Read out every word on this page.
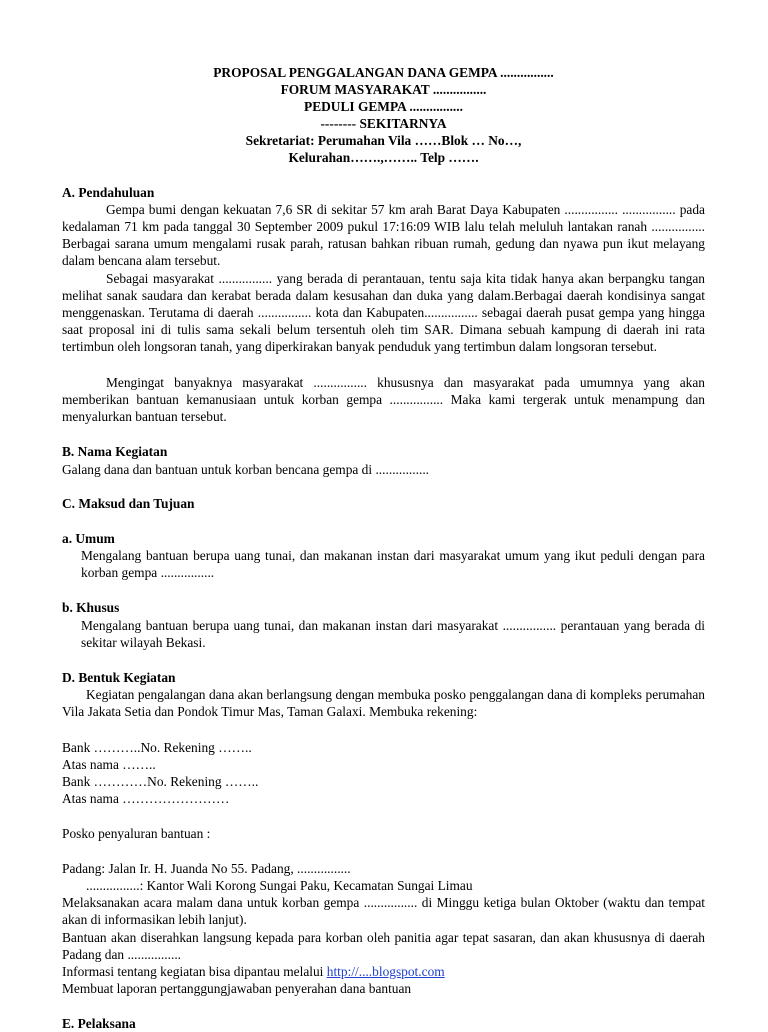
PROPOSAL PENGGALANGAN DANA GEMPA ................
FORUM MASYARAKAT ................
PEDULI GEMPA ................
-------- SEKITARNYA
Sekretariat: Perumahan Vila ……Blok … No…,
Kelurahan…….,…….. Telp …….
A. Pendahuluan

Gempa bumi dengan kekuatan 7,6 SR di sekitar 57 km arah Barat Daya Kabupaten ................ ................ pada kedalaman 71 km pada tanggal 30 September 2009 pukul 17:16:09 WIB lalu telah meluluh lantakan ranah ................ Berbagai sarana umum mengalami rusak parah, ratusan bahkan ribuan rumah, gedung dan nyawa pun ikut melayang dalam bencana alam tersebut.

Sebagai masyarakat ................ yang berada di perantauan, tentu saja kita tidak hanya akan berpangku tangan melihat sanak saudara dan kerabat berada dalam kesusahan dan duka yang dalam.Berbagai daerah kondisinya sangat menggenaskan. Terutama di daerah ................ kota dan Kabupaten................ sebagai daerah pusat gempa yang hingga saat proposal ini di tulis sama sekali belum tersentuh oleh tim SAR. Dimana sebuah kampung di daerah ini rata tertimbun oleh longsoran tanah, yang diperkirakan banyak penduduk yang tertimbun dalam longsoran tersebut.

Mengingat banyaknya masyarakat ................ khususnya dan masyarakat pada umumnya yang akan memberikan bantuan kemanusiaan untuk korban gempa ................ Maka kami tergerak untuk menampung dan menyalurkan bantuan tersebut.

B. Nama Kegiatan

Galang dana dan bantuan untuk korban bencana gempa di ................

C. Maksud dan Tujuan
a. Umum

Mengalang bantuan berupa uang tunai, dan makanan instan dari masyarakat umum yang ikut peduli dengan para korban gempa ................

b. Khusus

Mengalang bantuan berupa uang tunai, dan makanan instan dari masyarakat ................ perantauan yang berada di sekitar wilayah Bekasi.

D. Bentuk Kegiatan

Kegiatan pengalangan dana akan berlangsung dengan membuka posko penggalangan dana di kompleks perumahan Vila Jakata Setia dan Pondok Timur Mas, Taman Galaxi. Membuka rekening:

Bank ………..No. Rekening ……..

Atas nama ……..

Bank …………No. Rekening ……..

Atas nama ……………………

Posko penyaluran bantuan :

Padang: Jalan Ir. H. Juanda No 55. Padang, ................

................: Kantor Wali Korong Sungai Paku, Kecamatan Sungai Limau

Melaksanakan acara malam dana untuk korban gempa ................ di Minggu ketiga bulan Oktober (waktu dan tempat akan di informasikan lebih lanjut).

Bantuan akan diserahkan langsung kepada para korban oleh panitia agar tepat sasaran, dan akan khususnya di daerah Padang dan ................

Informasi tentang kegiatan bisa dipantau melalui http://....blogspot.com

Membuat laporan pertanggungjawaban penyerahan dana bantuan

E. Pelaksana
